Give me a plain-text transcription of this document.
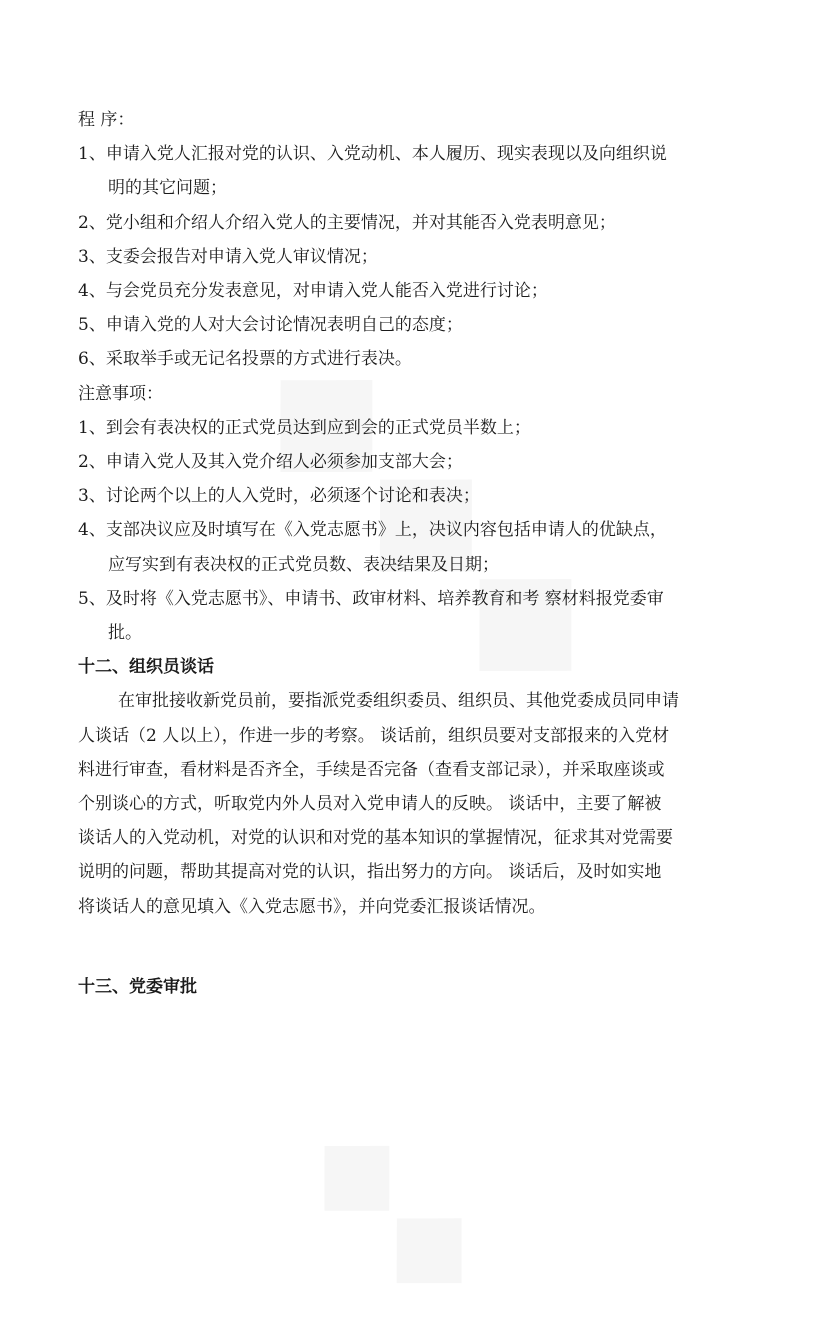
程 序：

1、申请入党人汇报对党的认识、入党动机、本人履历、现实表现以及向组织说

明的其它问题；

2、党小组和介绍人介绍入党人的主要情况，并对其能否入党表明意见；

3、支委会报告对申请入党人审议情况；

4、与会党员充分发表意见，对申请入党人能否入党进行讨论；

5、申请入党的人对大会讨论情况表明自己的态度；

6、采取举手或无记名投票的方式进行表决。

注意事项：

1、到会有表决权的正式党员达到应到会的正式党员半数上；

2、申请入党人及其入党介绍人必须参加支部大会；

3、讨论两个以上的人入党时，必须逐个讨论和表决；

4、支部决议应及时填写在《入党志愿书》上，决议内容包括申请人的优缺点，

应写实到有表决权的正式党员数、表决结果及日期；

5、及时将《入党志愿书》、申请书、政审材料、培养教育和考 察材料报党委审

批。

十二、组织员谈话

在审批接收新党员前，要指派党委组织委员、组织员、其他党委成员同申请

人谈话（2 人以上），作进一步的考察。 谈话前，组织员要对支部报来的入党材

料进行审查，看材料是否齐全，手续是否完备（查看支部记录），并采取座谈或

个别谈心的方式，听取党内外人员对入党申请人的反映。 谈话中，主要了解被

谈话人的入党动机，对党的认识和对党的基本知识的掌握情况，征求其对党需要

说明的问题，帮助其提高对党的认识，指出努力的方向。 谈话后，及时如实地

将谈话人的意见填入《入党志愿书》，并向党委汇报谈话情况。

十三、党委审批
